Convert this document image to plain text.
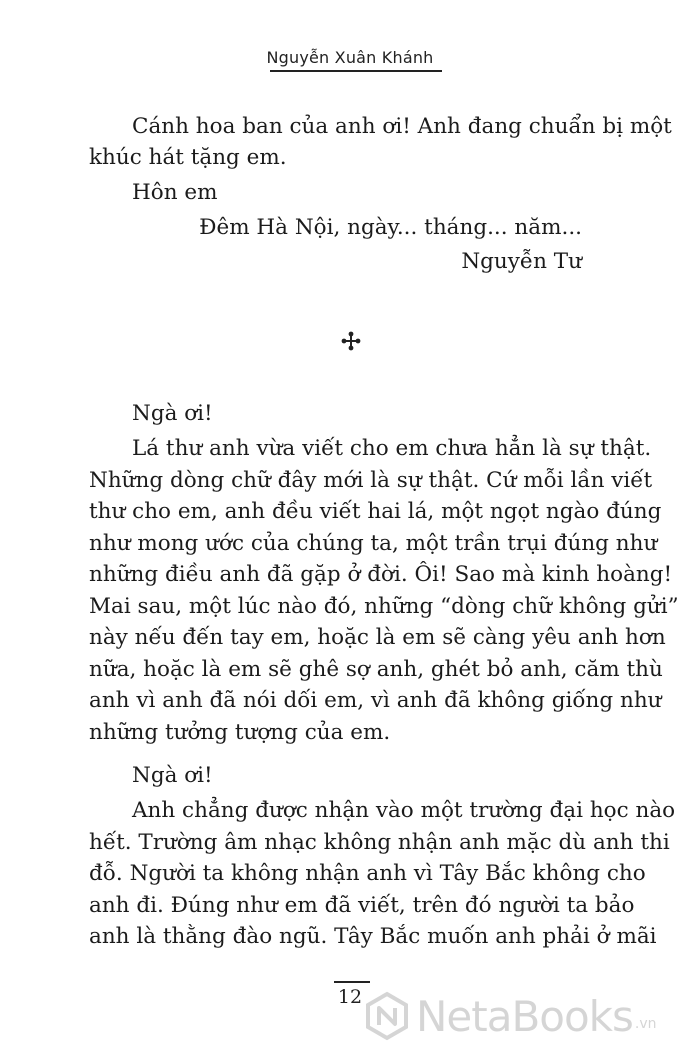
Nguyễn Xuân Khánh
Cánh hoa ban của anh ơi! Anh đang chuẩn bị một
khúc hát tặng em.
Hôn em
Đêm Hà Nội, ngày... tháng... năm...
Nguyễn Tư
Ngà ơi!
Lá thư anh vừa viết cho em chưa hẳn là sự thật.
Những dòng chữ đây mới là sự thật. Cứ mỗi lần viết
thư cho em, anh đều viết hai lá, một ngọt ngào đúng
như mong ước của chúng ta, một trần trụi đúng như
những điều anh đã gặp ở đời. Ôi! Sao mà kinh hoàng!
Mai sau, một lúc nào đó, những “dòng chữ không gửi”
này nếu đến tay em, hoặc là em sẽ càng yêu anh hơn
nữa, hoặc là em sẽ ghê sợ anh, ghét bỏ anh, căm thù
anh vì anh đã nói dối em, vì anh đã không giống như
những tưởng tượng của em.
Ngà ơi!
Anh chẳng được nhận vào một trường đại học nào
hết. Trường âm nhạc không nhận anh mặc dù anh thi
đỗ. Người ta không nhận anh vì Tây Bắc không cho
anh đi. Đúng như em đã viết, trên đó người ta bảo
anh là thằng đào ngũ. Tây Bắc muốn anh phải ở mãi
12	NetaBooks .vn
